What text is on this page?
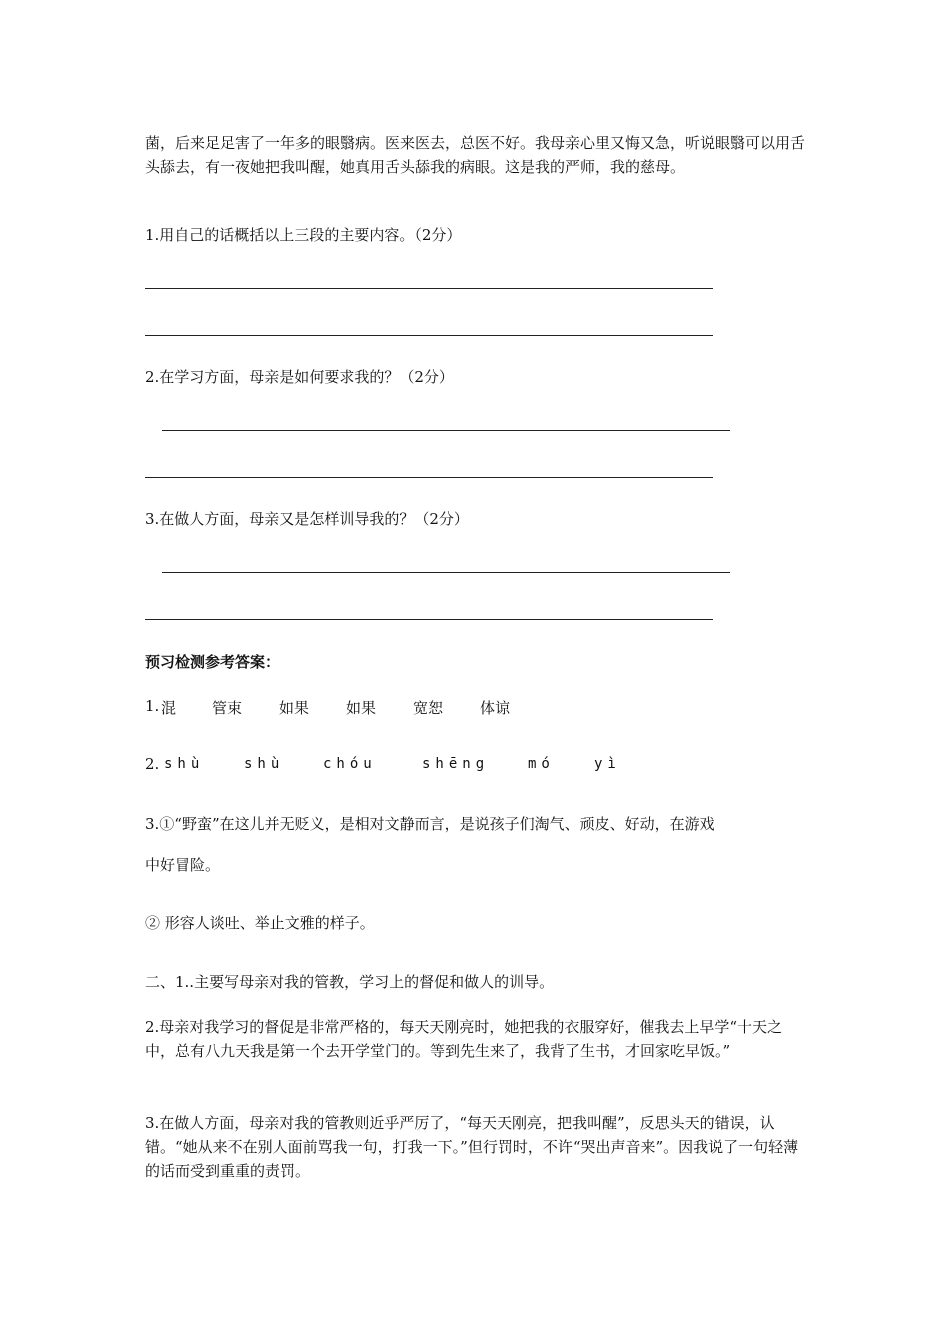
菌，后来足足害了一年多的眼翳病。医来医去，总医不好。我母亲心里又悔又急，听说眼翳可以用舌头舔去，有一夜她把我叫醒，她真用舌头舔我的病眼。这是我的严师，我的慈母。
1.用自己的话概括以上三段的主要内容。（2分）
2.在学习方面，母亲是如何要求我的？（2分）
3.在做人方面，母亲又是怎样训导我的？（2分）
预习检测参考答案：
1. 混 管束 如果 如果 宽恕 体谅
2. shù	shù	chóu	shēng	mó	yì
3.①“野蛮”在这儿并无贬义，是相对文静而言，是说孩子们淘气、顽皮、好动，在游戏
中好冒险。
② 形容人谈吐、举止文雅的样子。
二、1..主要写母亲对我的管教，学习上的督促和做人的训导。
2.母亲对我学习的督促是非常严格的，每天天刚亮时，她把我的衣服穿好，催我去上早学“十天之中，总有八九天我是第一个去开学堂门的。等到先生来了，我背了生书，才回家吃早饭。”
3.在做人方面，母亲对我的管教则近乎严厉了，“每天天刚亮，把我叫醒”，反思头天的错误，认错。“她从来不在别人面前骂我一句，打我一下。”但行罚时，不许“哭出声音来”。因我说了一句轻薄的话而受到重重的责罚。
